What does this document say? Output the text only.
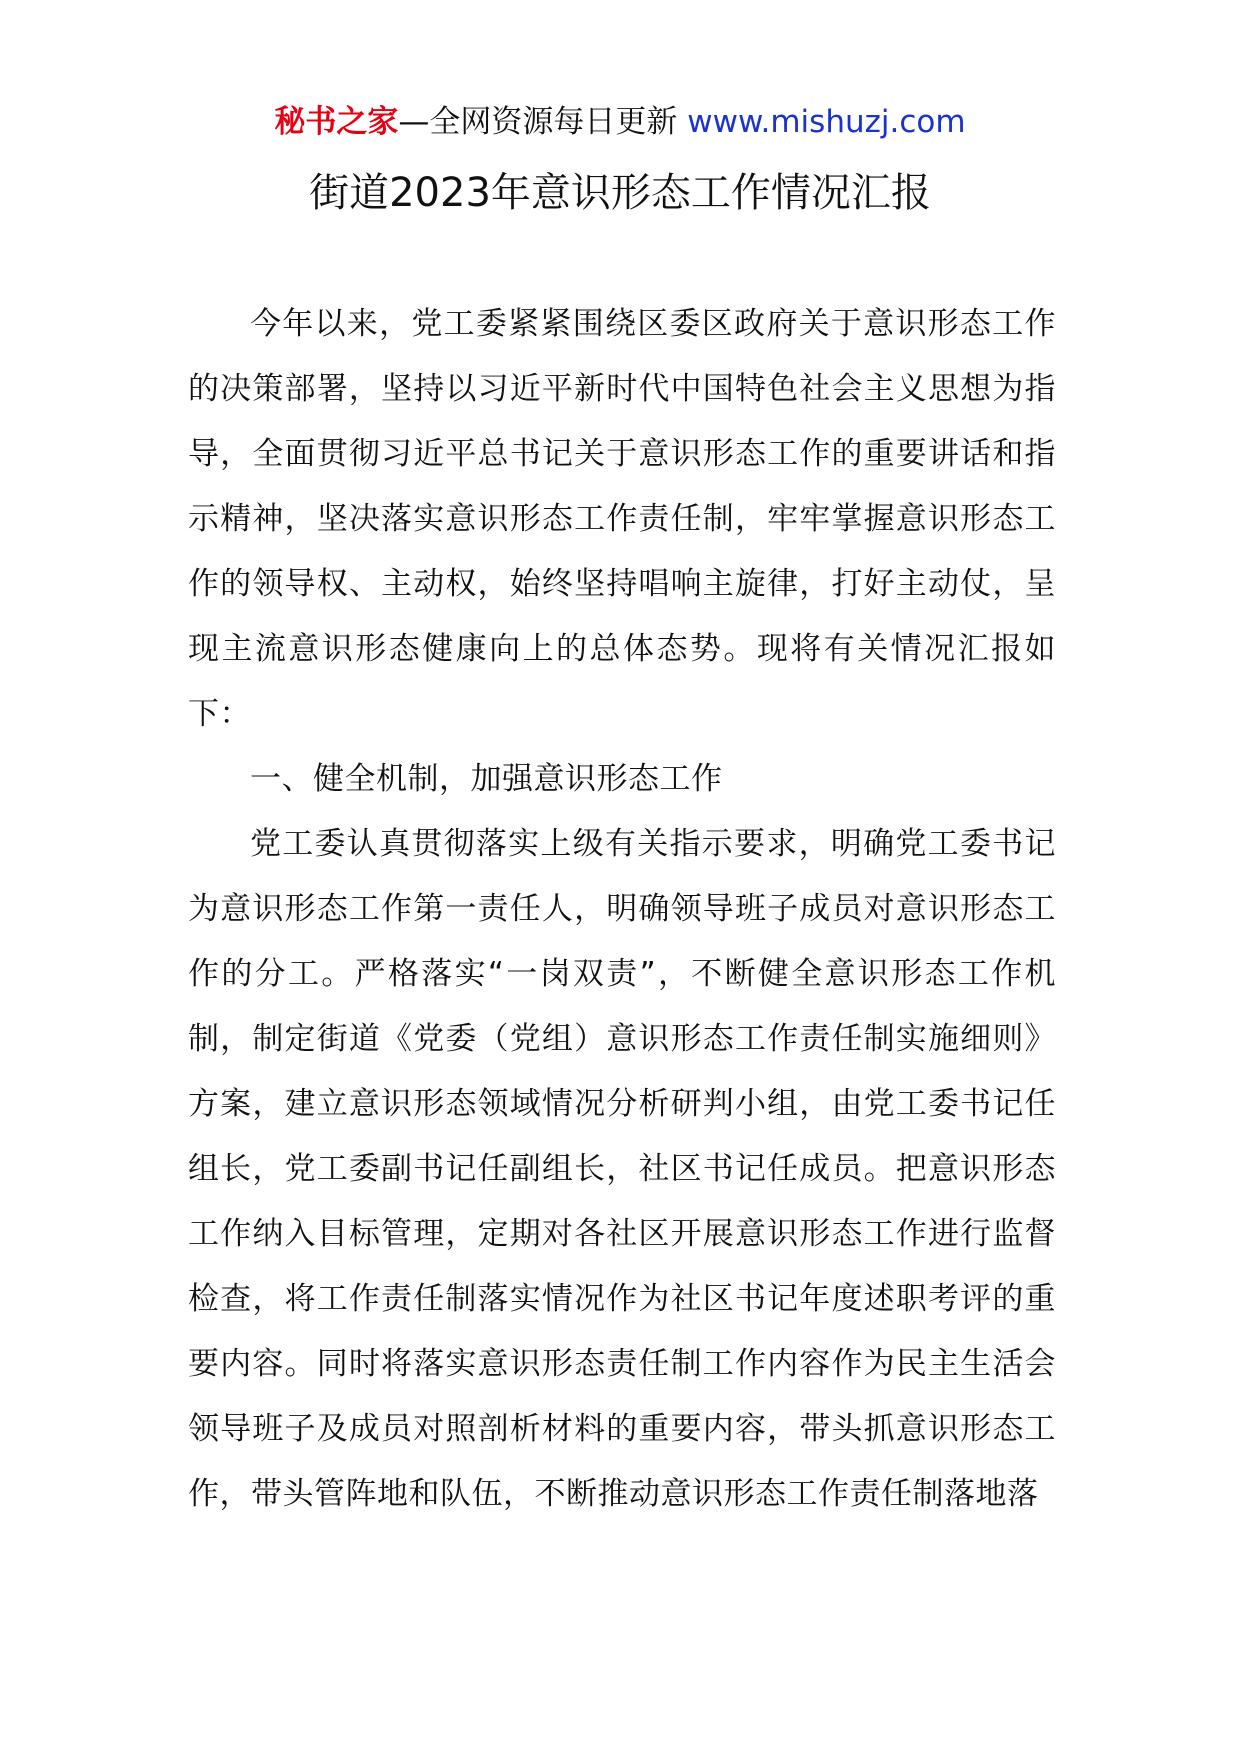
秘书之家—全网资源每日更新 www.mishuzj.com
街道2023年意识形态工作情况汇报

今年以来，党工委紧紧围绕区委区政府关于意识形态工作的决策部署，坚持以习近平新时代中国特色社会主义思想为指导，全面贯彻习近平总书记关于意识形态工作的重要讲话和指示精神，坚决落实意识形态工作责任制，牢牢掌握意识形态工作的领导权、主动权，始终坚持唱响主旋律，打好主动仗，呈现主流意识形态健康向上的总体态势。现将有关情况汇报如下：

一、健全机制，加强意识形态工作

党工委认真贯彻落实上级有关指示要求，明确党工委书记为意识形态工作第一责任人，明确领导班子成员对意识形态工作的分工。严格落实“一岗双责”，不断健全意识形态工作机制，制定街道《党委（党组）意识形态工作责任制实施细则》方案，建立意识形态领域情况分析研判小组，由党工委书记任组长，党工委副书记任副组长，社区书记任成员。把意识形态工作纳入目标管理，定期对各社区开展意识形态工作进行监督检查，将工作责任制落实情况作为社区书记年度述职考评的重要内容。同时将落实意识形态责任制工作内容作为民主生活会领导班子及成员对照剖析材料的重要内容，带头抓意识形态工作，带头管阵地和队伍，不断推动意识形态工作责任制落地落
